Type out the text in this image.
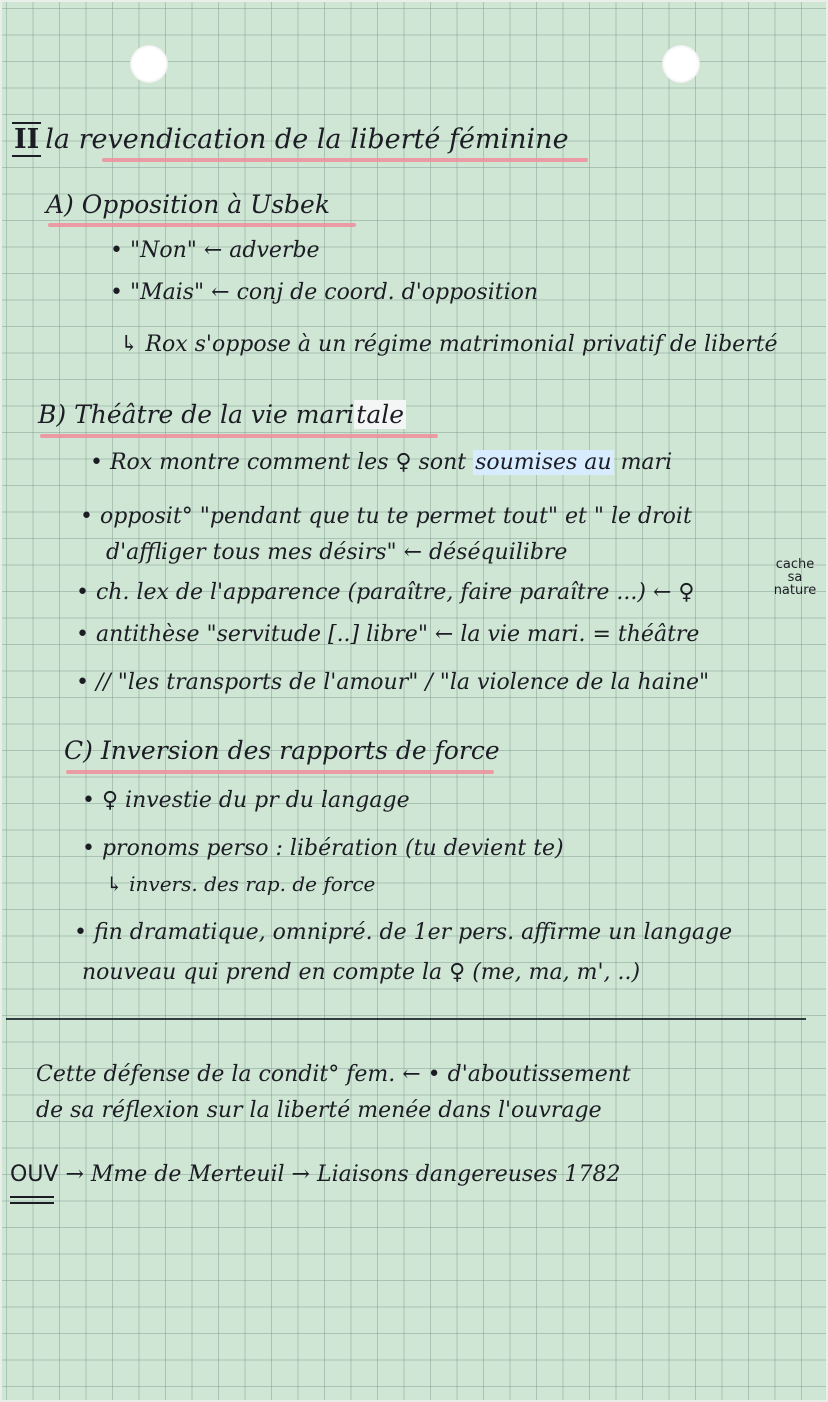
II la revendication de la liberté féminine
A) Opposition à Usbek
• "Non" ← adverbe
• "Mais" ← conj de coord. d'opposition
↳ Rox s'oppose à un régime matrimonial privatif de liberté
B) Théâtre de la vie maritale
• Rox montre comment les ♀ sont soumises au mari
• opposit° "pendant que tu te permet tout" et " le droit
d'affliger tous mes désirs" ← déséquilibre
• ch. lex de l'apparence (paraître, faire paraître ...) ← ♀
cache
sa
nature
• antithèse "servitude [..] libre" ← la vie mari. = théâtre
• // "les transports de l'amour" / "la violence de la haine"
C) Inversion des rapports de force
• ♀ investie du pr du langage
• pronoms perso : libération (tu devient te)
↳ invers. des rap. de force
• fin dramatique, omnipré. de 1er pers. affirme un langage
nouveau qui prend en compte la ♀ (me, ma, m', ..)
Cette défense de la condit° fem. ← • d'aboutissement
de sa réflexion sur la liberté menée dans l'ouvrage
OUV → Mme de Merteuil → Liaisons dangereuses 1782
